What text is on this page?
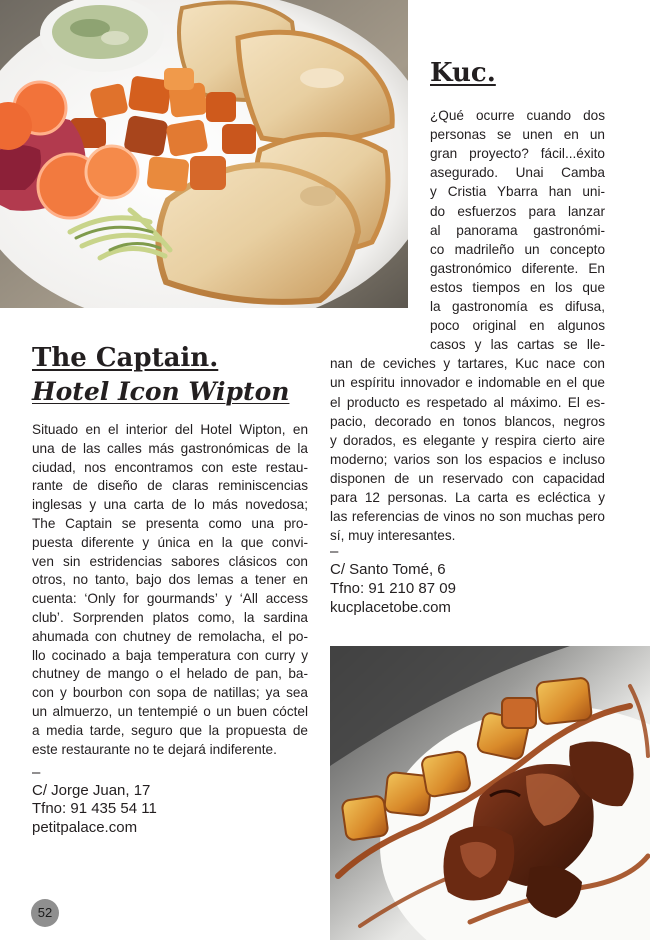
Kuc.
¿Qué ocurre cuando dos
personas se unen en un
gran proyecto? fácil...éxito
asegurado. Unai Camba
y Cristia Ybarra han uni-
do esfuerzos para lanzar
al panorama gastronómi-
co madrileño un concepto
gastronómico diferente. En
estos tiempos en los que
la gastronomía es difusa,
poco original en algunos
casos y las cartas se lle-
nan de ceviches y tartares, Kuc nace con
un espíritu innovador e indomable en el que
el producto es respetado al máximo. El es-
pacio, decorado en tonos blancos, negros
y dorados, es elegante y respira cierto aire
moderno; varios son los espacios e incluso
disponen de un reservado con capacidad
para 12 personas. La carta es ecléctica y
las referencias de vinos no son muchas pero
sí, muy interesantes.
–
C/ Santo Tomé, 6
Tfno: 91 210 87 09
kucplacetobe.com
The Captain.
Hotel Icon Wipton
Situado en el interior del Hotel Wipton, en
una de las calles más gastronómicas de la
ciudad, nos encontramos con este restau-
rante de diseño de claras reminiscencias
inglesas y una carta de lo más novedosa;
The Captain se presenta como una pro-
puesta diferente y única en la que convi-
ven sin estridencias sabores clásicos con
otros, no tanto, bajo dos lemas a tener en
cuenta: ‘Only for gourmands’ y ‘All access
club’. Sorprenden platos como, la sardina
ahumada con chutney de remolacha, el po-
llo cocinado a baja temperatura con curry y
chutney de mango o el helado de pan, ba-
con y bourbon con sopa de natillas; ya sea
un almuerzo, un tentempié o un buen cóctel
a media tarde, seguro que la propuesta de
este restaurante no te dejará indiferente.
–
C/ Jorge Juan, 17
Tfno: 91 435 54 11
petitpalace.com
52
